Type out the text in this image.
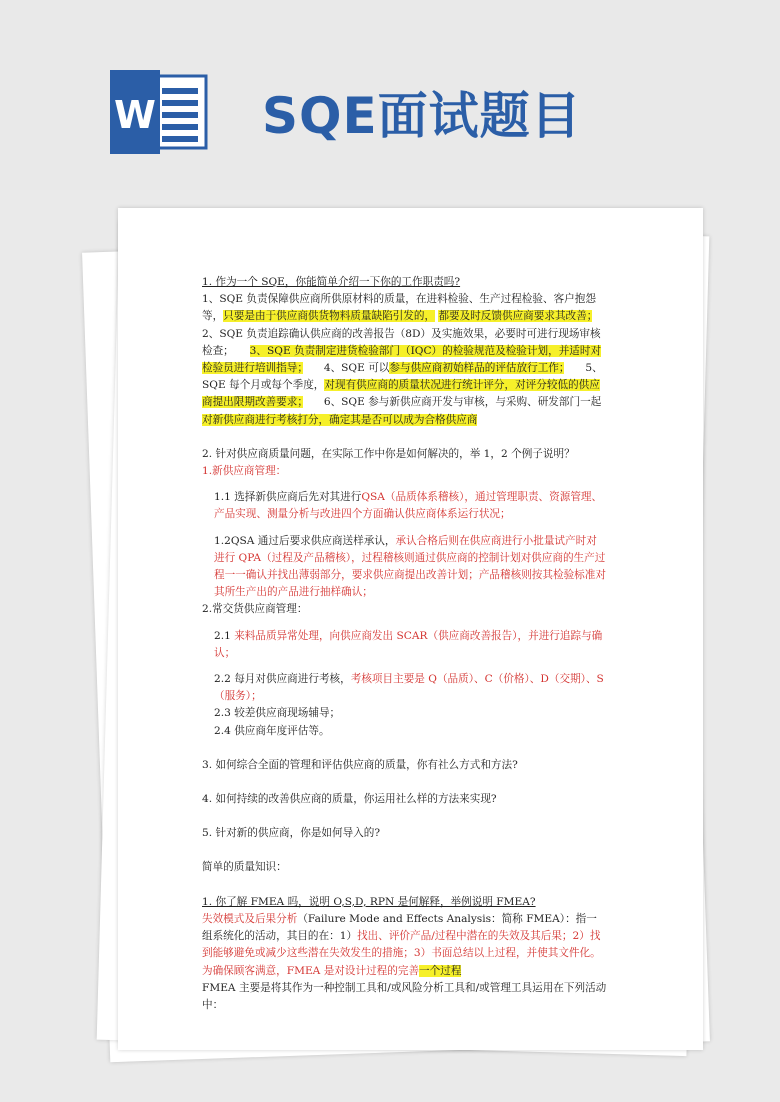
W SQE面试题目

1. 作为一个 SQE，你能简单介绍一下你的工作职责吗?

1、SQE 负责保障供应商所供原材料的质量，在进料检验、生产过程检验、客户抱怨等，只要是由于供应商供货物料质量缺陷引发的， 都要及时反馈供应商要求其改善；　　2、SQE 负责追踪确认供应商的改善报告（8D）及实施效果，必要时可进行现场审核检查；　　 3、SQE 负责制定进货检验部门（IQC）的检验规范及检验计划，并适时对检验员进行培训指导；　　 4、SQE 可以参与供应商初始样品的评估放行工作；　　 5、SQE 每个月或每个季度，对现有供应商的质量状况进行统计评分，对评分较低的供应商提出限期改善要求；　　 6、SQE 参与新供应商开发与审核，与采购、研发部门一起对新供应商进行考核打分，确定其是否可以成为合格供应商

2. 针对供应商质量问题，在实际工作中你是如何解决的，举 1，2 个例子说明？

1.新供应商管理：

1.1 选择新供应商后先对其进行QSA（品质体系稽核），通过管理职责、资源管理、产品实现、测量分析与改进四个方面确认供应商体系运行状况；

1.2QSA 通过后要求供应商送样承认，承认合格后则在供应商进行小批量试产时对进行 QPA（过程及产品稽核），过程稽核则通过供应商的控制计划对供应商的生产过程一一确认并找出薄弱部分，要求供应商提出改善计划；产品稽核则按其检验标准对其所生产出的产品进行抽样确认；

2.常交货供应商管理：

2.1 来料品质异常处理，向供应商发出 SCAR（供应商改善报告），并进行追踪与确认；

2.2 每月对供应商进行考核，考核项目主要是 Q（品质）、C（价格）、D（交期）、S（服务）；

2.3 较差供应商现场辅导；

2.4 供应商年度评估等。

3. 如何综合全面的管理和评估供应商的质量，你有社么方式和方法?

4. 如何持续的改善供应商的质量，你运用社么样的方法来实现?

5. 针对新的供应商，你是如何导入的?

简单的质量知识：

1. 你了解 FMEA 吗，说明 O,S,D, RPN 是何解释，举例说明 FMEA?

失效模式及后果分析（Failure Mode and Effects Analysis：简称 FMEA）：指一组系统化的活动，其目的在：1）找出、评价产品/过程中潜在的失效及其后果；2）找到能够避免或减少这些潜在失效发生的措施；3）书面总结以上过程，并使其文件化。为确保顾客满意，FMEA 是对设计过程的完善一个过程

FMEA 主要是将其作为一种控制工具和/或风险分析工具和/或管理工具运用在下列活动中：
